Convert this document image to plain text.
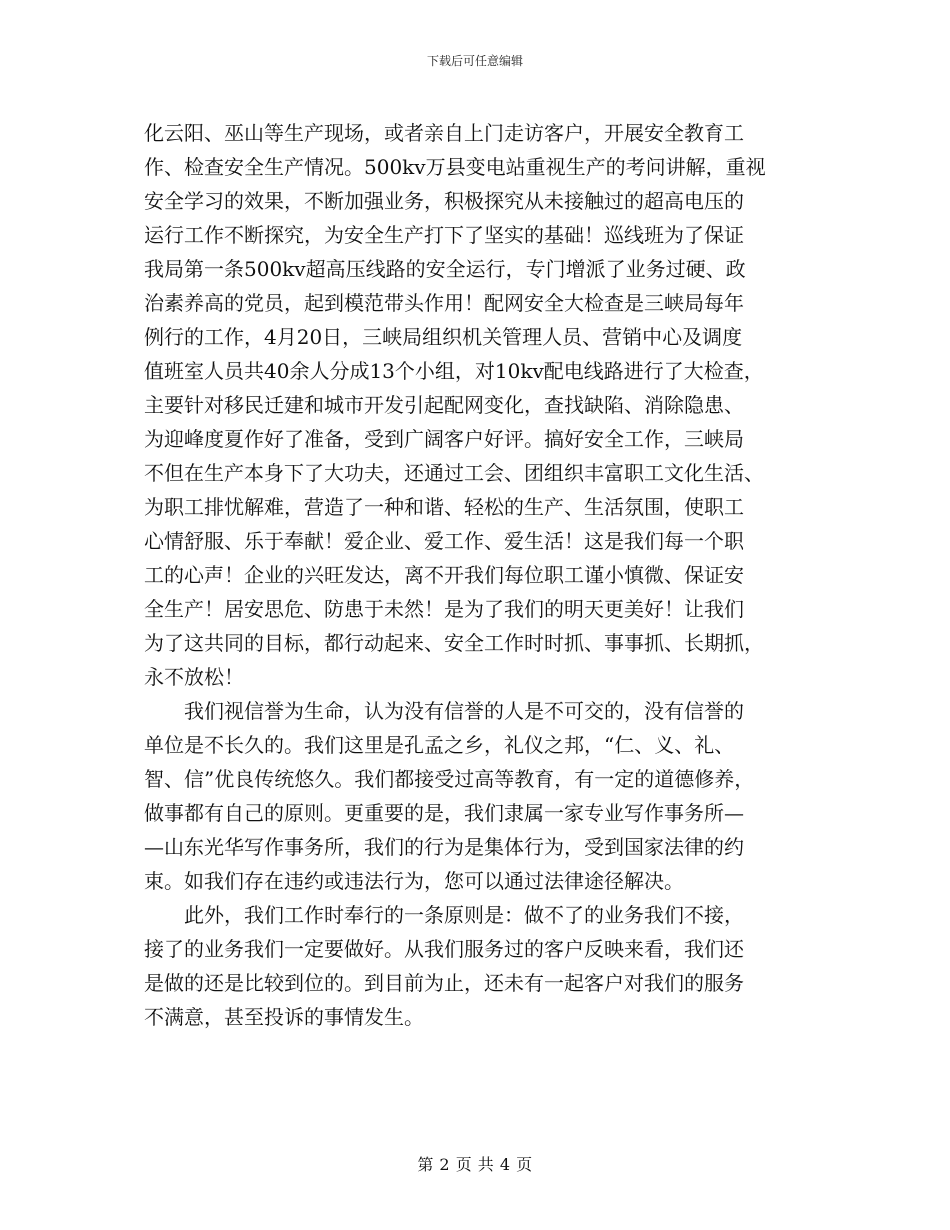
下载后可任意编辑
化云阳、巫山等生产现场，或者亲自上门走访客户，开展安全教育工
作、检查安全生产情况。500kv万县变电站重视生产的考问讲解，重视
安全学习的效果，不断加强业务，积极探究从未接触过的超高电压的
运行工作不断探究，为安全生产打下了坚实的基础！巡线班为了保证
我局第一条500kv超高压线路的安全运行，专门增派了业务过硬、政
治素养高的党员，起到模范带头作用！配网安全大检查是三峡局每年
例行的工作，4月20日，三峡局组织机关管理人员、营销中心及调度
值班室人员共40余人分成13个小组，对10kv配电线路进行了大检查，
主要针对移民迁建和城市开发引起配网变化，查找缺陷、消除隐患、
为迎峰度夏作好了准备，受到广阔客户好评。搞好安全工作，三峡局
不但在生产本身下了大功夫，还通过工会、团组织丰富职工文化生活、
为职工排忧解难，营造了一种和谐、轻松的生产、生活氛围，使职工
心情舒服、乐于奉献！爱企业、爱工作、爱生活！这是我们每一个职
工的心声！企业的兴旺发达，离不开我们每位职工谨小慎微、保证安
全生产！居安思危、防患于未然！是为了我们的明天更美好！让我们
为了这共同的目标，都行动起来、安全工作时时抓、事事抓、长期抓，
永不放松！
我们视信誉为生命，认为没有信誉的人是不可交的，没有信誉的
单位是不长久的。我们这里是孔孟之乡，礼仪之邦，“仁、义、礼、
智、信”优良传统悠久。我们都接受过高等教育，有一定的道德修养，
做事都有自己的原则。更重要的是，我们隶属一家专业写作事务所—
—山东光华写作事务所，我们的行为是集体行为，受到国家法律的约
束。如我们存在违约或违法行为，您可以通过法律途径解决。
此外，我们工作时奉行的一条原则是：做不了的业务我们不接，
接了的业务我们一定要做好。从我们服务过的客户反映来看，我们还
是做的还是比较到位的。到目前为止，还未有一起客户对我们的服务
不满意，甚至投诉的事情发生。
第 2 页 共 4 页
